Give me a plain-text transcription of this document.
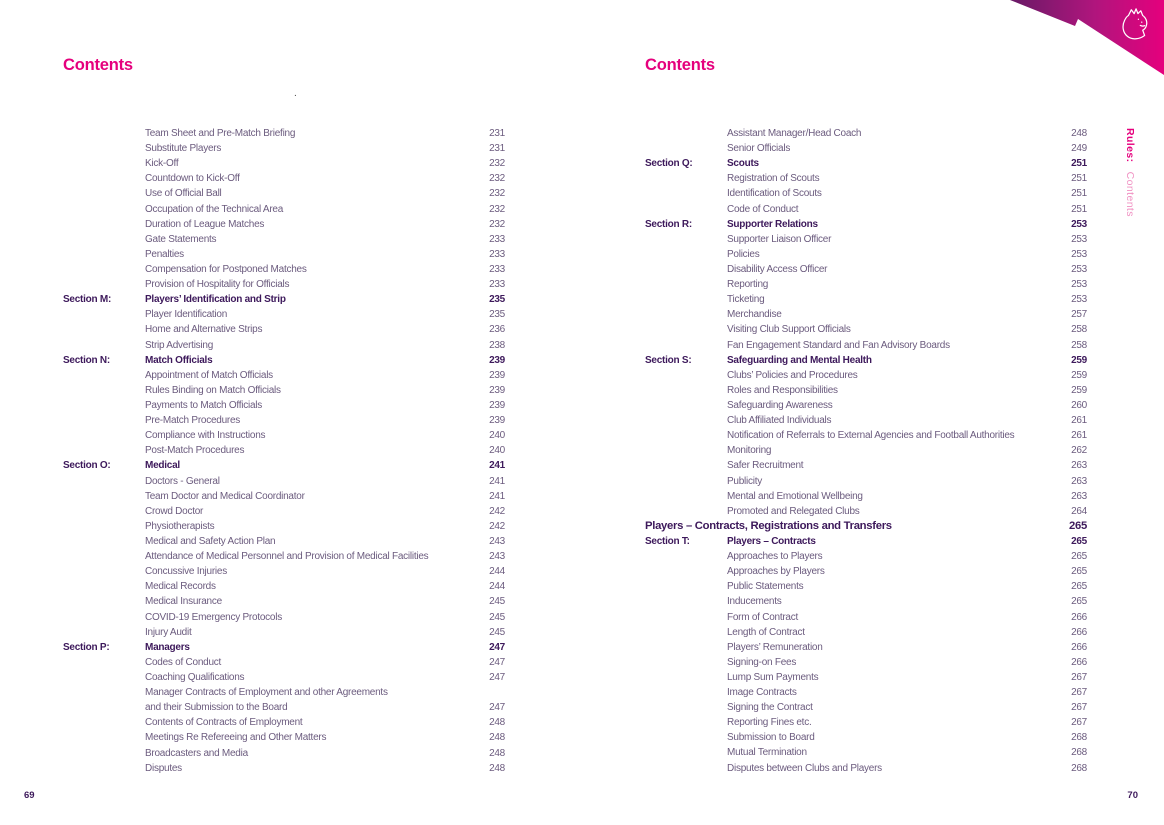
Rules:   Contents
Contents	Contents
.
Team Sheet and Pre-Match Briefing	231
Substitute Players	231
Kick-Off	232
Countdown to Kick-Off	232
Use of Official Ball	232
Occupation of the Technical Area	232
Duration of League Matches	232
Gate Statements	233
Penalties	233
Compensation for Postponed Matches	233
Provision of Hospitality for Officials	233
Section M:	Players’ Identification and Strip	235
Player Identification	235
Home and Alternative Strips	236
Strip Advertising	238
Section N:	Match Officials	239
Appointment of Match Officials	239
Rules Binding on Match Officials	239
Payments to Match Officials	239
Pre-Match Procedures	239
Compliance with Instructions	240
Post-Match Procedures	240
Section O:	Medical	241
Doctors - General	241
Team Doctor and Medical Coordinator	241
Crowd Doctor	242
Physiotherapists	242
Medical and Safety Action Plan	243
Attendance of Medical Personnel and Provision of Medical Facilities	243
Concussive Injuries	244
Medical Records	244
Medical Insurance	245
COVID-19 Emergency Protocols	245
Injury Audit	245
Section P:	Managers	247
Codes of Conduct	247
Coaching Qualifications	247
Manager Contracts of Employment and other Agreements
and their Submission to the Board	247
Contents of Contracts of Employment	248
Meetings Re Refereeing and Other Matters	248
Broadcasters and Media	248
Disputes	248
Assistant Manager/Head Coach	248
Senior Officials	249
Section Q:	Scouts	251
Registration of Scouts	251
Identification of Scouts	251
Code of Conduct	251
Section R:	Supporter Relations	253
Supporter Liaison Officer	253
Policies	253
Disability Access Officer	253
Reporting	253
Ticketing	253
Merchandise	257
Visiting Club Support Officials	258
Fan Engagement Standard and Fan Advisory Boards	258
Section S:	Safeguarding and Mental Health	259
Clubs’ Policies and Procedures	259
Roles and Responsibilities	259
Safeguarding Awareness	260
Club Affiliated Individuals	261
Notification of Referrals to External Agencies and Football Authorities	261
Monitoring	262
Safer Recruitment	263
Publicity	263
Mental and Emotional Wellbeing	263
Promoted and Relegated Clubs	264
Players – Contracts, Registrations and Transfers	265
Section T:	Players – Contracts	265
Approaches to Players	265
Approaches by Players	265
Public Statements	265
Inducements	265
Form of Contract	266
Length of Contract	266
Players’ Remuneration	266
Signing-on Fees	266
Lump Sum Payments	267
Image Contracts	267
Signing the Contract	267
Reporting Fines etc.	267
Submission to Board	268
Mutual Termination	268
Disputes between Clubs and Players	268
69	70
